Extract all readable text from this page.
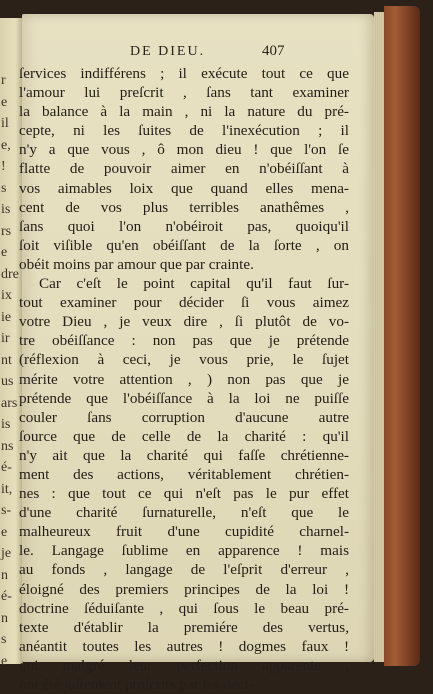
r
e
il
e,
!
s
is
rs
e
dre
ix
ie
ir
nt
us
ars
is
ns
é-
it,
s-
e
je
n
é-
n
s
e
DE DIEU.	407
ſervices indifférens ; il exécute tout ce que
l'amour lui preſcrit , ſans tant examiner
la balance à la main , ni la nature du pré-
cepte, ni les ſuites de l'inexécution ; il
n'y a que vous , ô mon dieu ! que l'on ſe
flatte de pouvoir aimer en n'obéiſſant à
vos aimables loix que quand elles mena-
cent de vos plus terribles anathêmes ,
ſans quoi l'on n'obéiroit pas, quoiqu'il
ſoit viſible qu'en obéiſſant de la ſorte , on
obéit moins par amour que par crainte.
Car c'eſt le point capital qu'il faut ſur-
tout examiner pour décider ſi vous aimez
votre Dieu , je veux dire , ſi plutôt de vo-
tre obéiſſance : non pas que je prétende
(réflexion à ceci, je vous prie, le ſujet
mérite votre attention , ) non pas que je
prétende que l'obéiſſance à la loi ne puiſſe
couler ſans corruption d'aucune autre
ſource que de celle de la charité : qu'il
n'y ait que la charité qui faſſe chrétienne-
ment des actions, véritablement chrétien-
nes : que tout ce qui n'eſt pas le pur effet
d'une charité ſurnaturelle, n'eſt que le
malheureux fruit d'une cupidité charnel-
le. Langage ſublime en apparence ! mais
au fonds , langage de l'eſprit d'erreur ,
éloigné des premiers principes de la loi !
doctrine ſéduiſante , qui ſous le beau pré-
texte d'établir la premiére des vertus,
anéantit toutes les autres ! dogmes faux !
qui malgré leur perfection apparente ,
ont été juſtement proſcrits par les déci-
